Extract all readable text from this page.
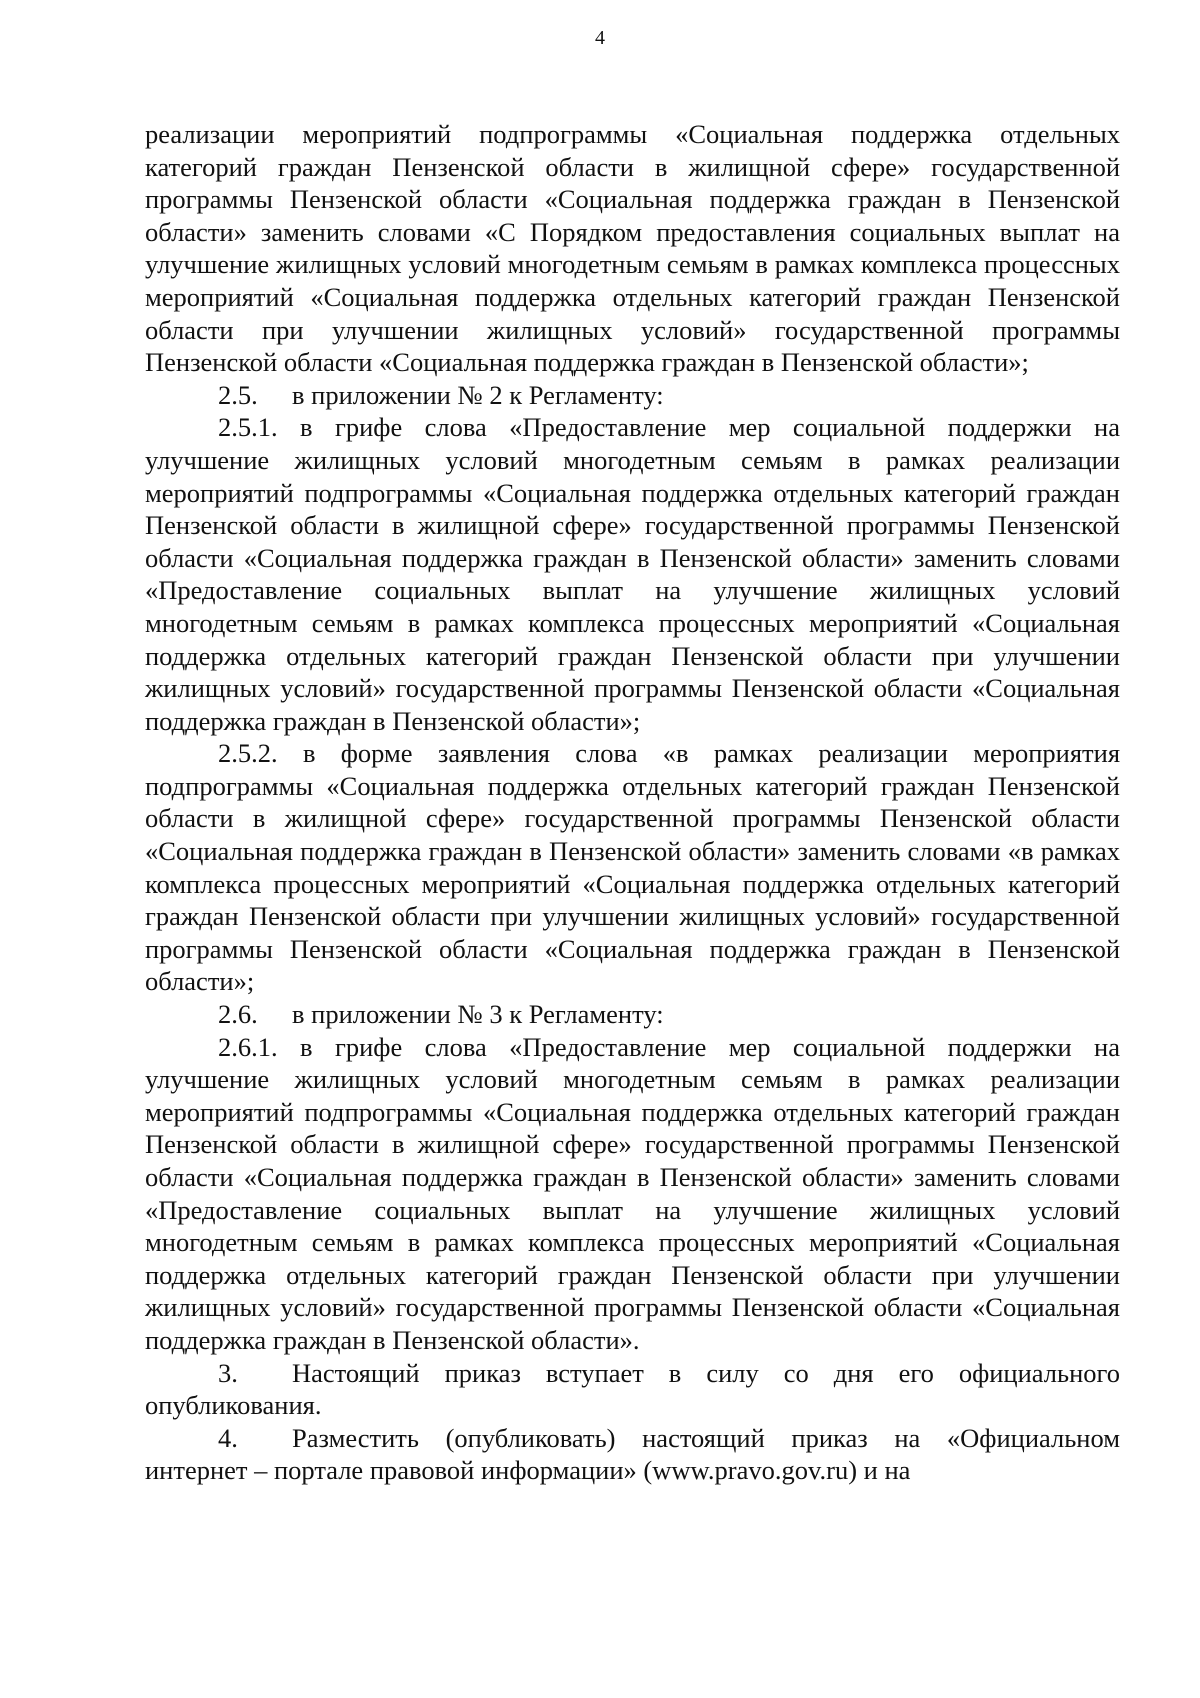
4

реализации мероприятий подпрограммы «Социальная поддержка отдельных категорий граждан Пензенской области в жилищной сфере» государственной программы Пензенской области «Социальная поддержка граждан в Пензенской области» заменить словами «С Порядком предоставления социальных выплат на улучшение жилищных условий многодетным семьям в рамках комплекса процессных мероприятий «Социальная поддержка отдельных категорий граждан Пензенской области при улучшении жилищных условий» государственной программы Пензенской области «Социальная поддержка граждан в Пензенской области»;

2.5. в приложении № 2 к Регламенту:

2.5.1. в грифе слова «Предоставление мер социальной поддержки на улучшение жилищных условий многодетным семьям в рамках реализации мероприятий подпрограммы «Социальная поддержка отдельных категорий граждан Пензенской области в жилищной сфере» государственной программы Пензенской области «Социальная поддержка граждан в Пензенской области» заменить словами «Предоставление социальных выплат на улучшение жилищных условий многодетным семьям в рамках комплекса процессных мероприятий «Социальная поддержка отдельных категорий граждан Пензенской области при улучшении жилищных условий» государственной программы Пензенской области «Социальная поддержка граждан в Пензенской области»;

2.5.2. в форме заявления слова «в рамках реализации мероприятия подпрограммы «Социальная поддержка отдельных категорий граждан Пензенской области в жилищной сфере» государственной программы Пензенской области «Социальная поддержка граждан в Пензенской области» заменить словами «в рамках комплекса процессных мероприятий «Социальная поддержка отдельных категорий граждан Пензенской области при улучшении жилищных условий» государственной программы Пензенской области «Социальная поддержка граждан в Пензенской области»;

2.6. в приложении № 3 к Регламенту:

2.6.1. в грифе слова «Предоставление мер социальной поддержки на улучшение жилищных условий многодетным семьям в рамках реализации мероприятий подпрограммы «Социальная поддержка отдельных категорий граждан Пензенской области в жилищной сфере» государственной программы Пензенской области «Социальная поддержка граждан в Пензенской области» заменить словами «Предоставление социальных выплат на улучшение жилищных условий многодетным семьям в рамках комплекса процессных мероприятий «Социальная поддержка отдельных категорий граждан Пензенской области при улучшении жилищных условий» государственной программы Пензенской области «Социальная поддержка граждан в Пензенской области».

3. Настоящий приказ вступает в силу со дня его официального опубликования.

4. Разместить (опубликовать) настоящий приказ на «Официальном интернет – портале правовой информации» (www.pravo.gov.ru) и на
